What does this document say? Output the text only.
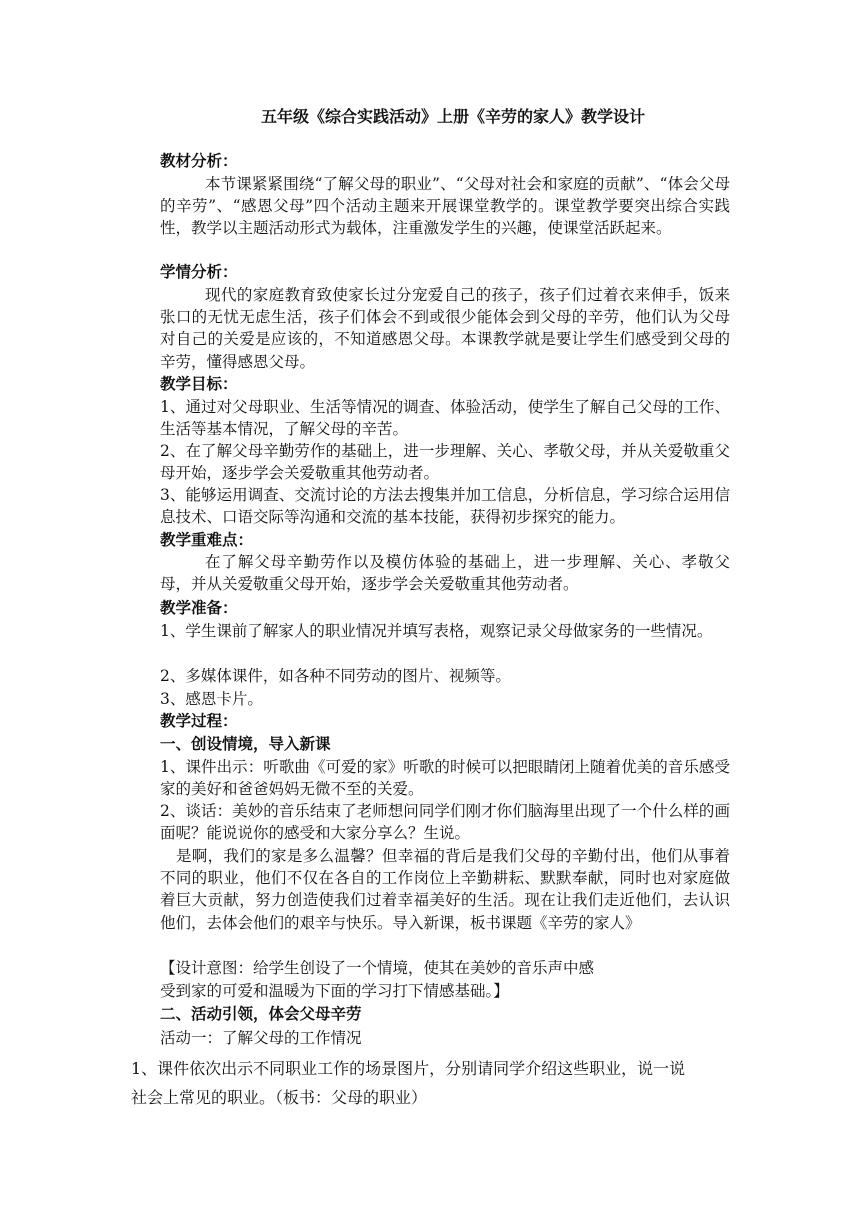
五年级《综合实践活动》上册《辛劳的家人》教学设计
教材分析：
本节课紧紧围绕“了解父母的职业”、“父母对社会和家庭的贡献”、“体会父母的辛劳”、“感恩父母”四个活动主题来开展课堂教学的。课堂教学要突出综合实践性，教学以主题活动形式为载体，注重激发学生的兴趣，使课堂活跃起来。
学情分析：
现代的家庭教育致使家长过分宠爱自己的孩子，孩子们过着衣来伸手，饭来张口的无忧无虑生活，孩子们体会不到或很少能体会到父母的辛劳，他们认为父母对自己的关爱是应该的，不知道感恩父母。本课教学就是要让学生们感受到父母的辛劳，懂得感恩父母。
教学目标：
1、通过对父母职业、生活等情况的调查、体验活动，使学生了解自己父母的工作、生活等基本情况，了解父母的辛苦。
2、在了解父母辛勤劳作的基础上，进一步理解、关心、孝敬父母，并从关爱敬重父母开始，逐步学会关爱敬重其他劳动者。
3、能够运用调查、交流讨论的方法去搜集并加工信息，分析信息，学习综合运用信息技术、口语交际等沟通和交流的基本技能，获得初步探究的能力。
教学重难点：
在了解父母辛勤劳作以及模仿体验的基础上，进一步理解、关心、孝敬父母，并从关爱敬重父母开始，逐步学会关爱敬重其他劳动者。
教学准备：
1、学生课前了解家人的职业情况并填写表格，观察记录父母做家务的一些情况。
2、多媒体课件，如各种不同劳动的图片、视频等。
3、感恩卡片。
教学过程：
一、创设情境，导入新课
1、课件出示：听歌曲《可爱的家》听歌的时候可以把眼睛闭上随着优美的音乐感受家的美好和爸爸妈妈无微不至的关爱。
2、谈话：美妙的音乐结束了老师想问同学们刚才你们脑海里出现了一个什么样的画面呢？能说说你的感受和大家分享么？生说。
是啊，我们的家是多么温馨？但幸福的背后是我们父母的辛勤付出，他们从事着不同的职业，他们不仅在各自的工作岗位上辛勤耕耘、默默奉献，同时也对家庭做着巨大贡献，努力创造使我们过着幸福美好的生活。现在让我们走近他们，去认识他们，去体会他们的艰辛与快乐。导入新课，板书课题《辛劳的家人》
【设计意图：给学生创设了一个情境，使其在美妙的音乐声中感
受到家的可爱和温暖为下面的学习打下情感基础。】
二、活动引领，体会父母辛劳
活动一：了解父母的工作情况
1、课件依次出示不同职业工作的场景图片，分别请同学介绍这些职业，说一说
社会上常见的职业。（板书：父母的职业）
